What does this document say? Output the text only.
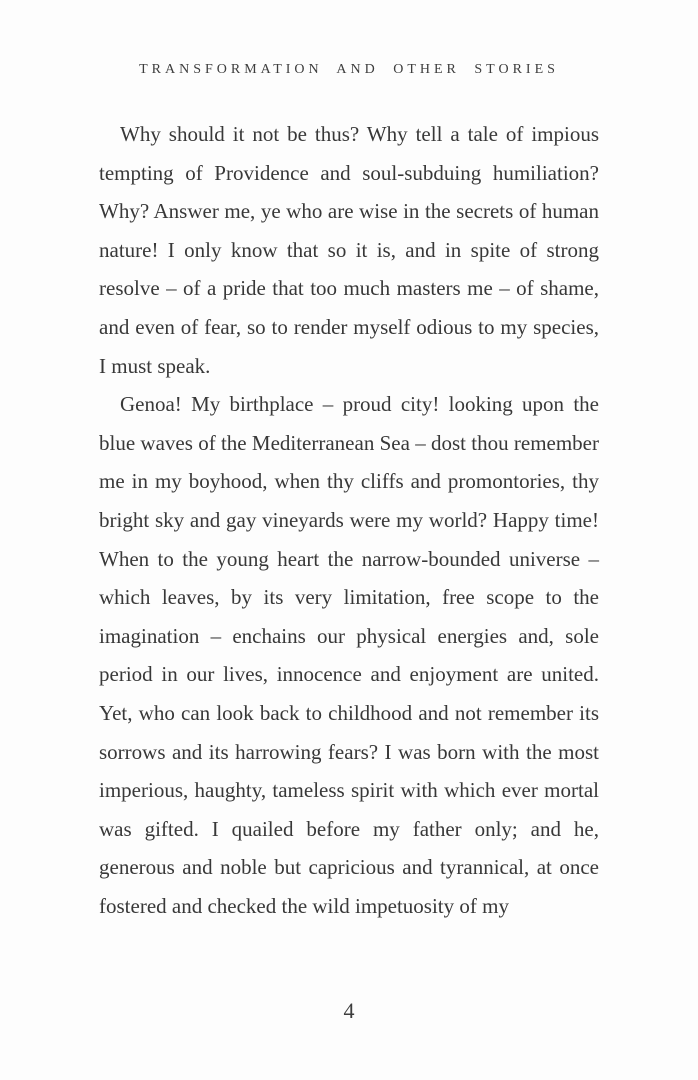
TRANSFORMATION AND OTHER STORIES

Why should it not be thus? Why tell a tale of impious tempting of Providence and soul-subduing humiliation? Why? Answer me, ye who are wise in the secrets of human nature! I only know that so it is, and in spite of strong resolve – of a pride that too much masters me – of shame, and even of fear, so to render myself odious to my species, I must speak.

Genoa! My birthplace – proud city! looking upon the blue waves of the Mediterranean Sea – dost thou remember me in my boyhood, when thy cliffs and promontories, thy bright sky and gay vineyards were my world? Happy time! When to the young heart the narrow-bounded universe – which leaves, by its very limitation, free scope to the imagination – enchains our physical energies and, sole period in our lives, innocence and enjoyment are united. Yet, who can look back to childhood and not remember its sorrows and its harrowing fears? I was born with the most imperious, haughty, tameless spirit with which ever mortal was gifted. I quailed before my father only; and he, generous and noble but capricious and tyrannical, at once fostered and checked the wild impetuosity of my

4
